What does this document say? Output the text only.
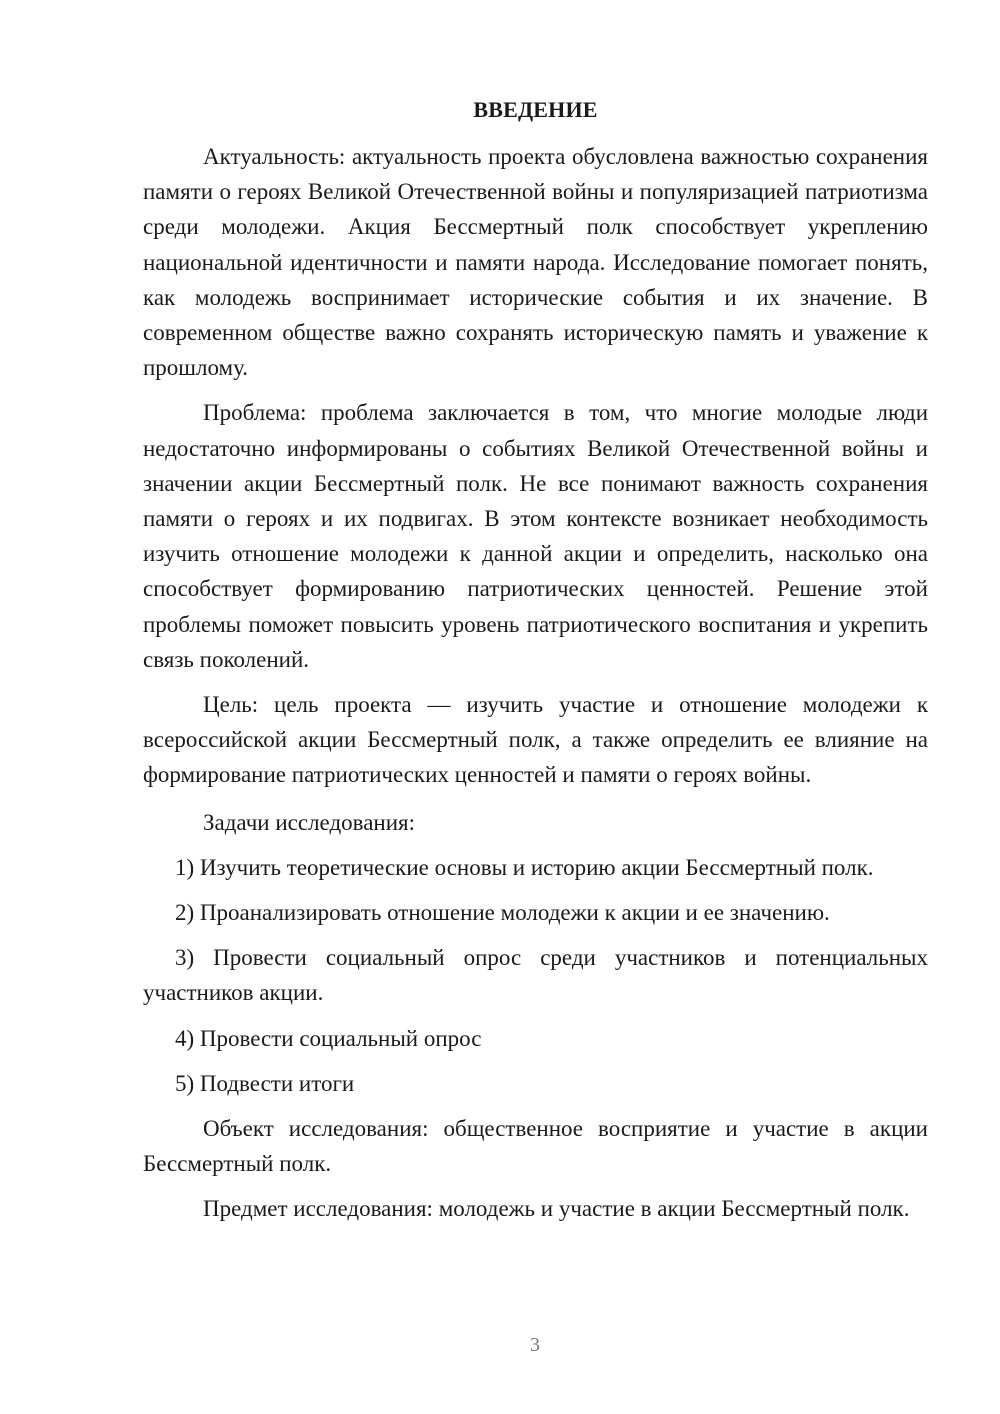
ВВЕДЕНИЕ

Актуальность: актуальность проекта обусловлена важностью сохранения памяти о героях Великой Отечественной войны и популяризацией патриотизма среди молодежи. Акция Бессмертный полк способствует укреплению национальной идентичности и памяти народа. Исследование помогает понять, как молодежь воспринимает исторические события и их значение. В современном обществе важно сохранять историческую память и уважение к прошлому.

Проблема: проблема заключается в том, что многие молодые люди недостаточно информированы о событиях Великой Отечественной войны и значении акции Бессмертный полк. Не все понимают важность сохранения памяти о героях и их подвигах. В этом контексте возникает необходимость изучить отношение молодежи к данной акции и определить, насколько она способствует формированию патриотических ценностей. Решение этой проблемы поможет повысить уровень патриотического воспитания и укрепить связь поколений.

Цель: цель проекта — изучить участие и отношение молодежи к всероссийской акции Бессмертный полк, а также определить ее влияние на формирование патриотических ценностей и памяти о героях войны.

Задачи исследования:

1) Изучить теоретические основы и историю акции Бессмертный полк.

2) Проанализировать отношение молодежи к акции и ее значению.

3) Провести социальный опрос среди участников и потенциальных участников акции.

4) Провести социальный опрос

5) Подвести итоги

Объект исследования: общественное восприятие и участие в акции Бессмертный полк.

Предмет исследования: молодежь и участие в акции Бессмертный полк.

3
